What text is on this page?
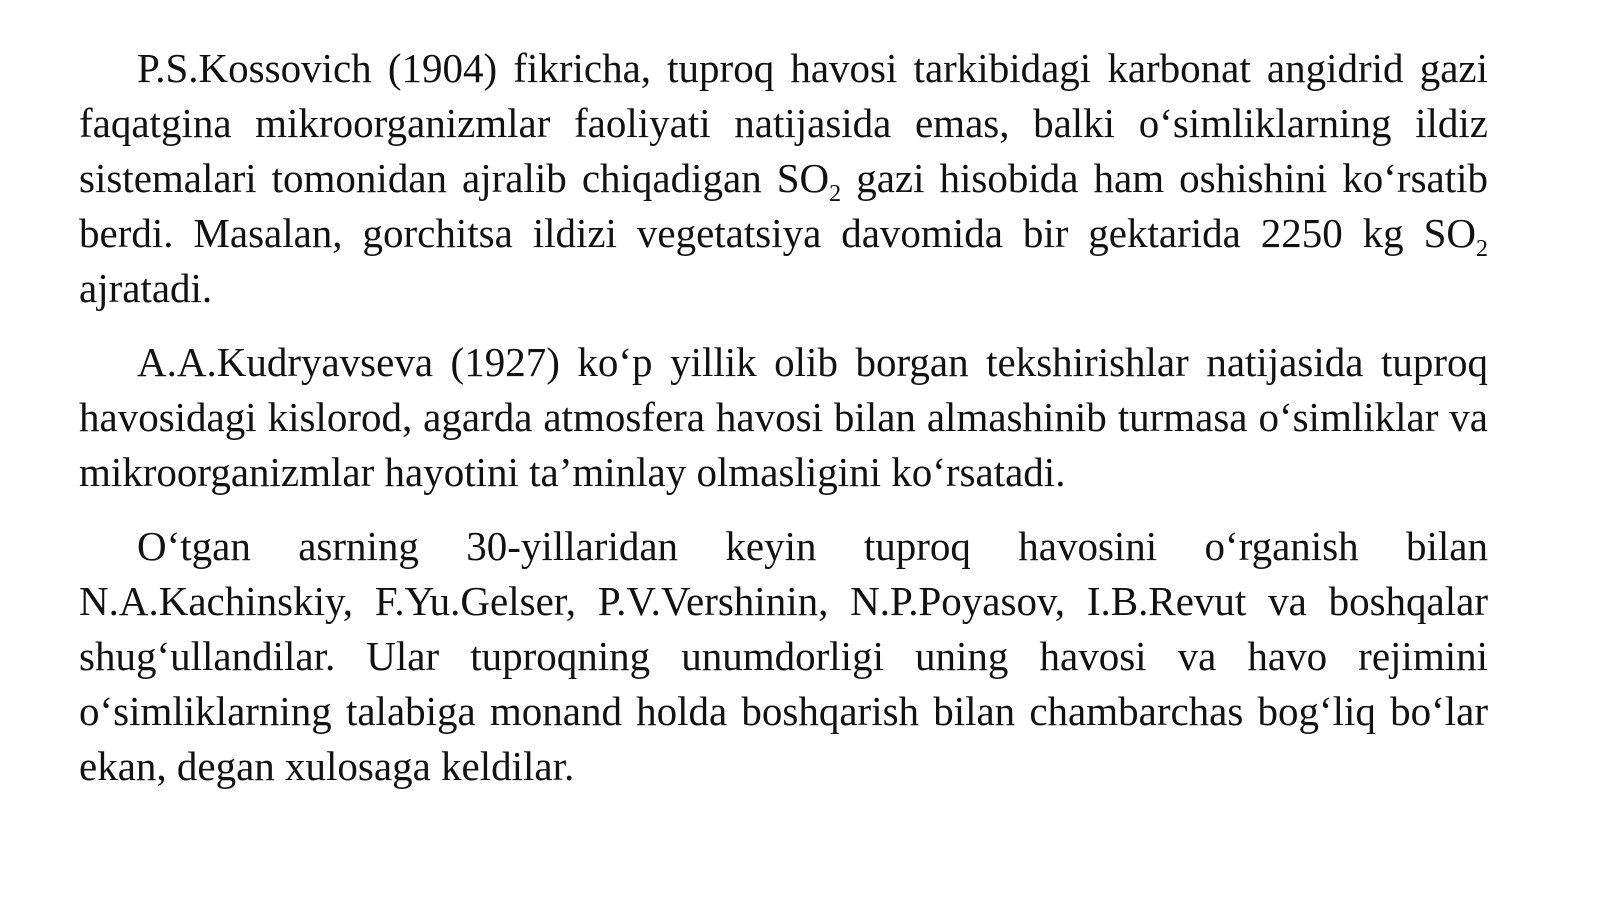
P.S.Kossovich (1904) fikricha, tuproq havosi tarkibidagi karbonat angidrid gazi faqatgina mikroorganizmlar faoliyati natijasida emas, balki o‘simliklarning ildiz sistemalari tomonidan ajralib chiqadigan $SO_2$ gazi hisobida ham oshishini ko‘rsatib berdi. Masalan, gorchitsa ildizi vegetatsiya davomida bir gektarida 2250 kg $SO_2$ ajratadi.

A.A.Kudryavseva (1927) ko‘p yillik olib borgan tekshirishlar natijasida tuproq havosidagi kislorod, agarda atmosfera havosi bilan almashinib turmasa o‘simliklar va mikroorganizmlar hayotini ta’minlay olmasligini ko‘rsatadi.

O‘tgan asrning 30-yillaridan keyin tuproq havosini o‘rganish bilan N.A.Kachinskiy, F.Yu.Gelser, P.V.Vershinin, N.P.Poyasov, I.B.Revut va boshqalar shug‘ullandilar. Ular tuproqning unumdorligi uning havosi va havo rejimini o‘simliklarning talabiga monand holda boshqarish bilan chambarchas bog‘liq bo‘lar ekan, degan xulosaga keldilar.
